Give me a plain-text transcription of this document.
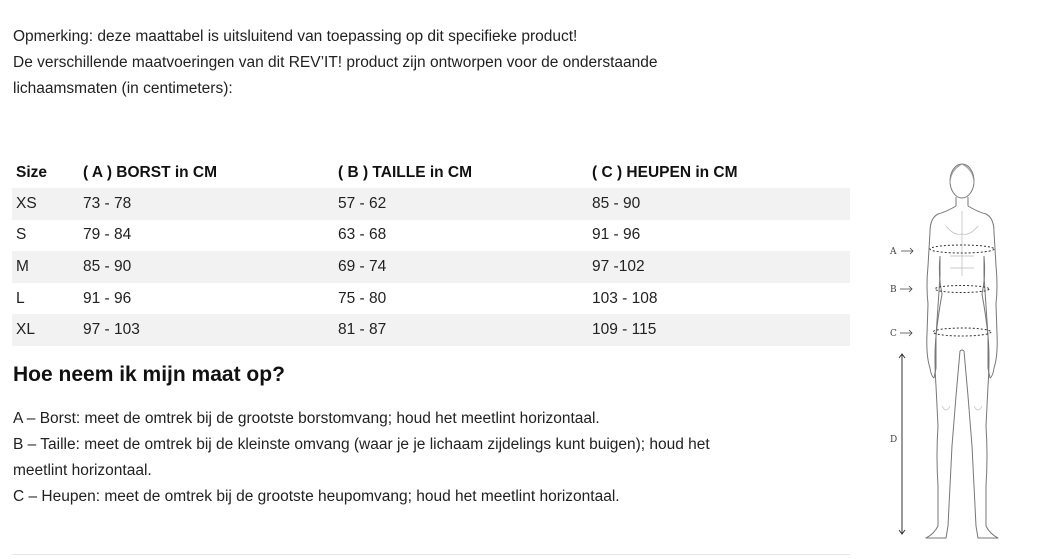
Opmerking: deze maattabel is uitsluitend van toepassing op dit specifieke product!

De verschillende maatvoeringen van dit REV’IT! product zijn ontworpen voor de onderstaande

lichaamsmaten (in centimeters):

Size	( A ) BORST in CM	( B ) TAILLE in CM	( C ) HEUPEN in CM
XS	73 - 78	57 - 62	85 - 90
S	79 - 84	63 - 68	91 - 96
M	85 - 90	69 - 74	97 -102
L	91 - 96	75 - 80	103 - 108
XL	97 - 103	81 - 87	109 - 115
Hoe neem ik mijn maat op?

A – Borst: meet de omtrek bij de grootste borstomvang; houd het meetlint horizontaal.

B – Taille: meet de omtrek bij de kleinste omvang (waar je je lichaam zijdelings kunt buigen); houd het

meetlint horizontaal.

C – Heupen: meet de omtrek bij de grootste heupomvang; houd het meetlint horizontaal.

A
B
C
D
